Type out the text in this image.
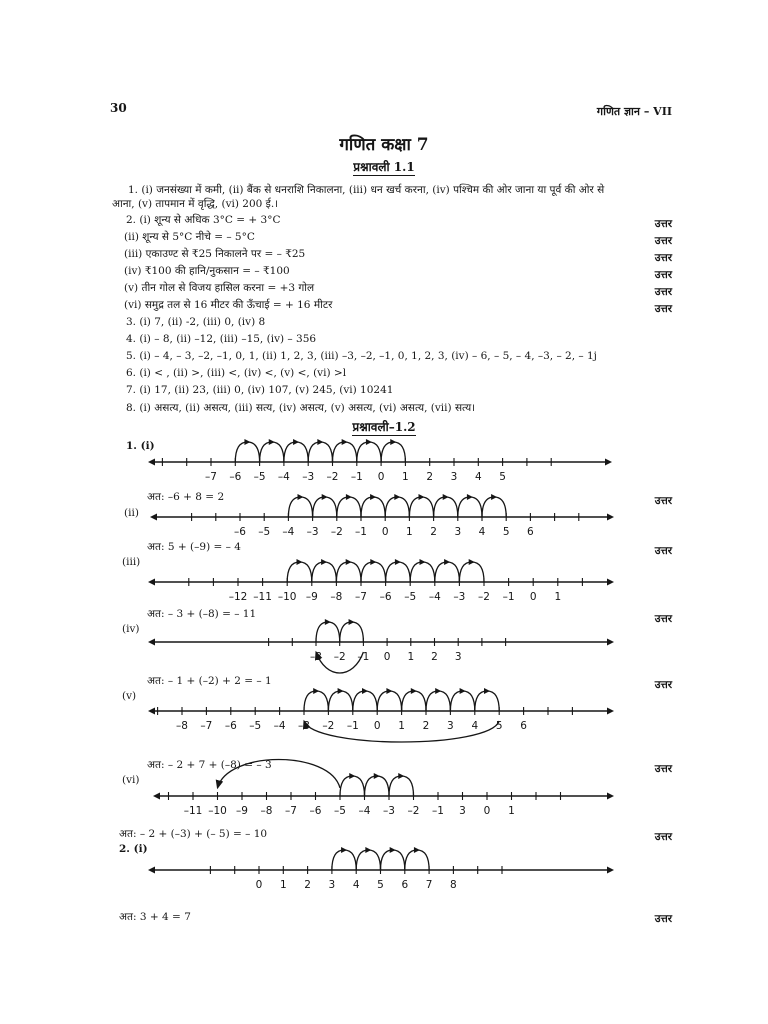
30	गणित ज्ञान – VII
गणित कक्षा 7
प्रश्नावली 1.1
1. (i) जनसंख्या में कमी, (ii) बैंक से धनराशि निकालना, (iii) धन खर्च करना, (iv) पश्चिम की ओर जाना या पूर्व की ओर से
आना, (v) तापमान में वृद्धि, (vi) 200 ई.।
2. (i) शून्य से अधिक 3°C = + 3°C	उत्तर
(ii) शून्य से 5°C नीचे = – 5°C	उत्तर
(iii) एकाउण्ट से ₹25 निकालने पर = – ₹25	उत्तर
(iv) ₹100 की हानि/नुकसान = – ₹100	उत्तर
(v) तीन गोल से विजय हासिल करना = +3 गोल	उत्तर
(vi) समुद्र तल से 16 मीटर की ऊँचाई = + 16 मीटर	उत्तर
3. (i) 7, (ii) -2, (iii) 0, (iv) 8
4. (i) – 8, (ii) –12, (iii) –15, (iv) – 356
5. (i) – 4, – 3, –2, –1, 0, 1, (ii) 1, 2, 3, (iii) –3, –2, –1, 0, 1, 2, 3, (iv) – 6, – 5, – 4, –3, – 2, – 1j
6. (i) < , (ii) >, (iii) <, (iv) <, (v) <, (vi) >l
7. (i) 17, (ii) 23, (iii) 0, (iv) 107, (v) 245, (vi) 10241
8. (i) असत्य, (ii) असत्य, (iii) सत्य, (iv) असत्य, (v) असत्य, (vi) असत्य, (vii) सत्य।
प्रश्नावली–1.2
1. (i)
अत: –6 + 8 = 2	उत्तर
(ii)
अत: 5 + (–9) = – 4	उत्तर
(iii)
अत: – 3 + (–8) = – 11	उत्तर
(iv)
अत: – 1 + (–2) + 2 = – 1	उत्तर
(v)
अत: – 2 + 7 + (–8) = – 3	उत्तर
(vi)
अत: – 2 + (–3) + (– 5) = – 10	उत्तर
2. (i)
अत: 3 + 4 = 7	उत्तर
–7 –6 –5 –4 –3 –2 –1 0 1 2 3 4 5
–6 –5 –4 –3 –2 –1 0 1 2 3 4 5 6
–12 –11 –10 –9 –8 –7 –6 –5 –4 –3 –2 –1 0 1
–3 –2 –1 0 1 2 3
–8 –7 –6 –5 –4 –3 –2 –1 0 1 2 3 4 5 6
–11 –10 –9 –8 –7 –6 –5 –4 –3 –2 –1 3 0 1
0 1 2 3 4 5 6 7 8
